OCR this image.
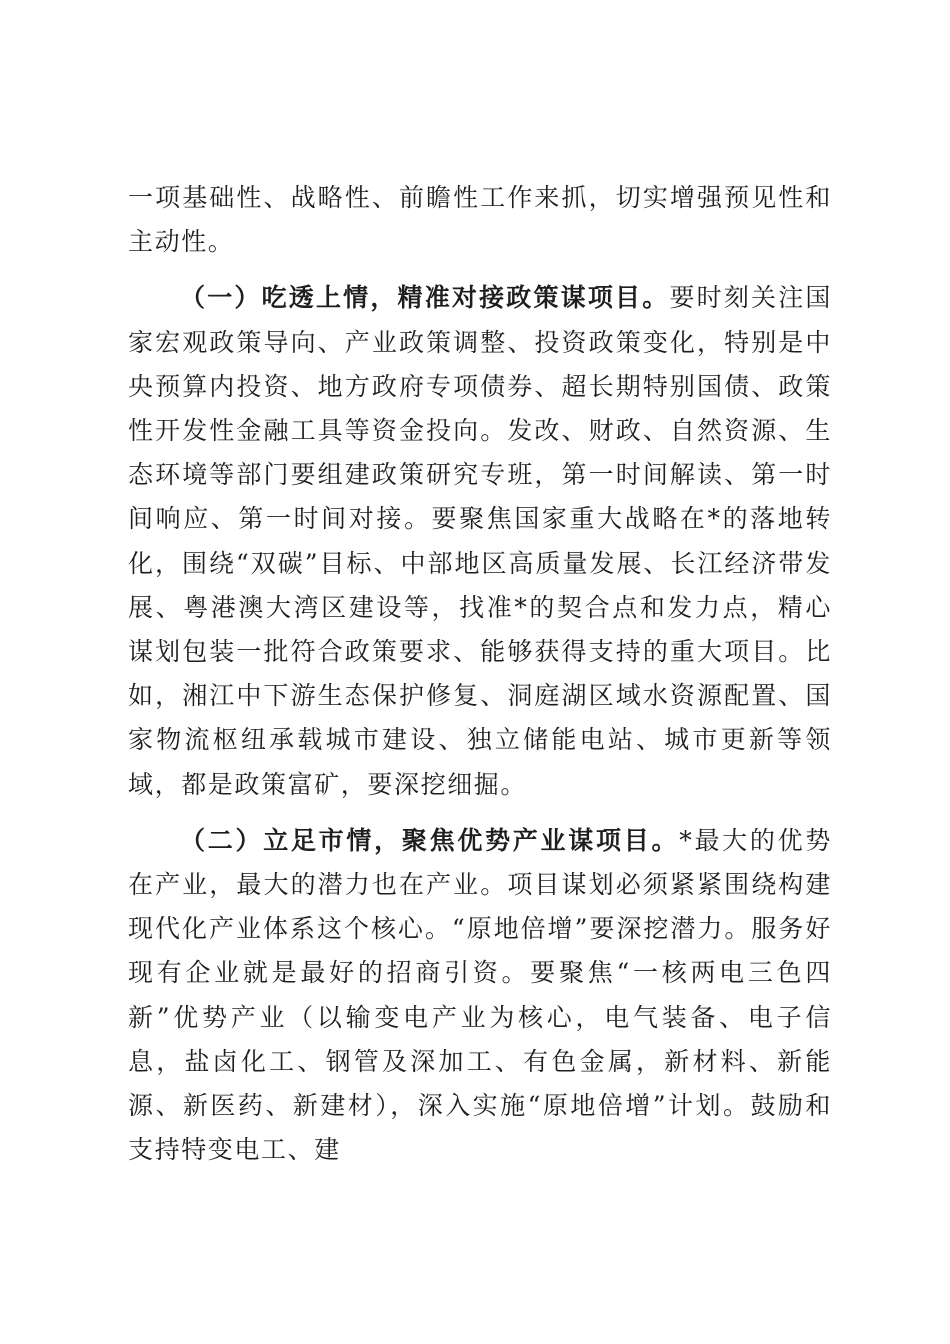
一项基础性、战略性、前瞻性工作来抓，切实增强预见性和主动性。

（一）吃透上情，精准对接政策谋项目。要时刻关注国家宏观政策导向、产业政策调整、投资政策变化，特别是中央预算内投资、地方政府专项债券、超长期特别国债、政策性开发性金融工具等资金投向。发改、财政、自然资源、生态环境等部门要组建政策研究专班，第一时间解读、第一时间响应、第一时间对接。要聚焦国家重大战略在*的落地转化，围绕“双碳”目标、中部地区高质量发展、长江经济带发展、粤港澳大湾区建设等，找准*的契合点和发力点，精心谋划包装一批符合政策要求、能够获得支持的重大项目。比如，湘江中下游生态保护修复、洞庭湖区域水资源配置、国家物流枢纽承载城市建设、独立储能电站、城市更新等领域，都是政策富矿，要深挖细掘。

（二）立足市情，聚焦优势产业谋项目。*最大的优势在产业，最大的潜力也在产业。项目谋划必须紧紧围绕构建现代化产业体系这个核心。“原地倍增”要深挖潜力。服务好现有企业就是最好的招商引资。要聚焦“一核两电三色四新”优势产业（以输变电产业为核心，电气装备、电子信息，盐卤化工、钢管及深加工、有色金属，新材料、新能源、新医药、新建材），深入实施“原地倍增”计划。鼓励和支持特变电工、建
